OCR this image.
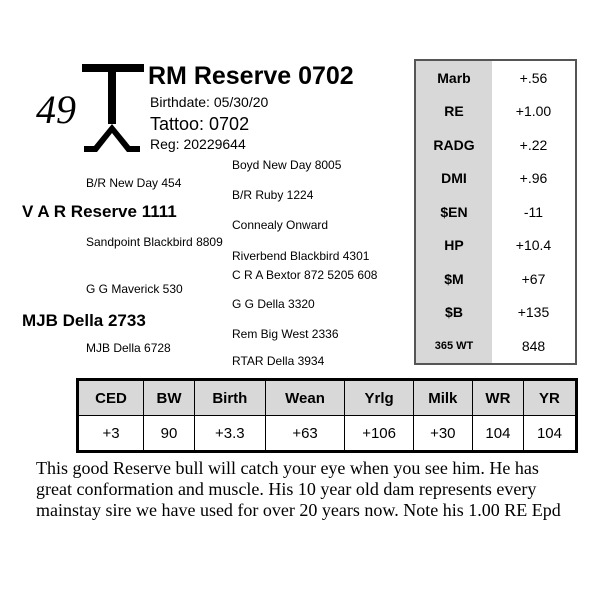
49
RM Reserve 0702
Birthdate: 05/30/20
Tattoo: 0702
Reg: 20229644
Boyd New Day 8005
B/R New Day 454
B/R Ruby 1224
V A R Reserve 1111
Connealy Onward
Sandpoint Blackbird 8809
Riverbend Blackbird 4301
C R A Bextor 872 5205 608
G G Maverick 530
G G Della 3320
MJB Della 2733
Rem Big West 2336
MJB Della 6728
RTAR Della 3934
Marb	+.56
RE	+1.00
RADG	+.22
DMI	+.96
$EN	-11
HP	+10.4
$M	+67
$B	+135
365 WT	848
CED	BW	Birth	Wean	Yrlg	Milk	WR	YR
+3	90	+3.3	+63	+106	+30	104	104
This good Reserve bull will catch your eye when you see him. He has great conformation and muscle. His 10 year old dam represents every mainstay sire we have used for over 20 years now. Note his 1.00 RE Epd
